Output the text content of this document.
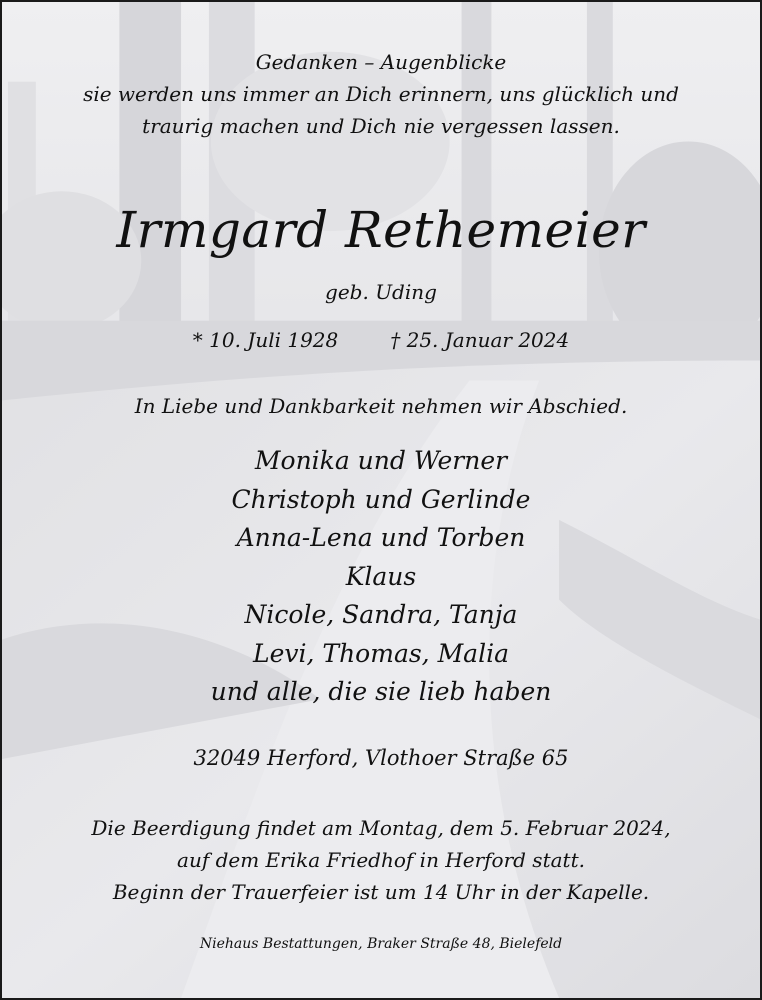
Gedanken – Augenblicke
sie werden uns immer an Dich erinnern, uns glücklich und
traurig machen und Dich nie vergessen lassen.
Irmgard Rethemeier
geb. Uding
* 10. Juli 1928	† 25. Januar 2024
In Liebe und Dankbarkeit nehmen wir Abschied.
Monika und Werner
Christoph und Gerlinde
Anna-Lena und Torben
Klaus
Nicole, Sandra, Tanja
Levi, Thomas, Malia
und alle, die sie lieb haben
32049 Herford, Vlothoer Straße 65
Die Beerdigung findet am Montag, dem 5. Februar 2024,
auf dem Erika Friedhof in Herford statt.
Beginn der Trauerfeier ist um 14 Uhr in der Kapelle.
Niehaus Bestattungen, Braker Straße 48, Bielefeld
